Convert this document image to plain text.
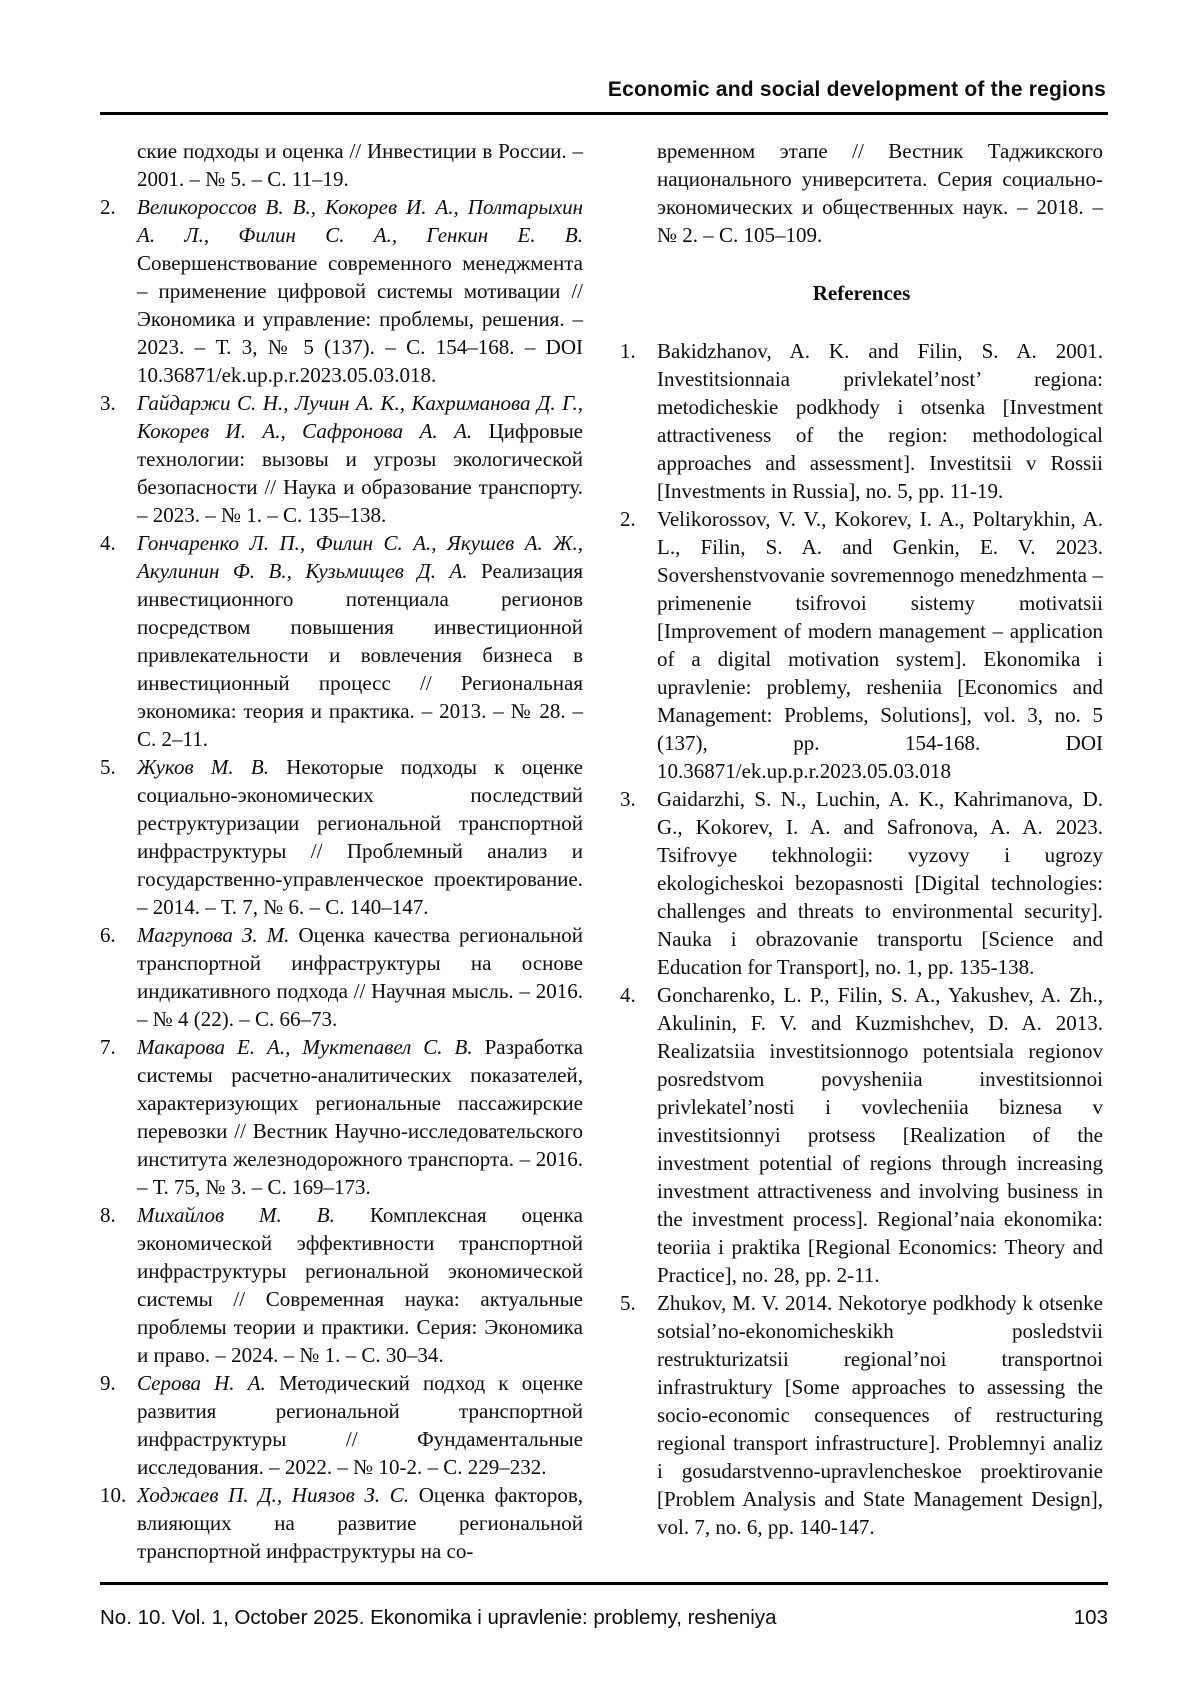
Economic and social development of the regions

ские подходы и оценка // Инвестиции в России. – 2001. – № 5. – С. 11–19.

2.	Великороссов В. В., Кокорев И. А., Полтарыхин А. Л., Филин С. А., Генкин Е. В. Совершенствование современного менеджмента – применение цифровой системы мотивации // Экономика и управление: проблемы, решения. – 2023. – Т. 3, № 5 (137). – С. 154–168. – DOI 10.36871/ek.up.p.r.2023.05.03.018.

3.	Гайдаржи С. Н., Лучин А. К., Кахриманова Д. Г., Кокорев И. А., Сафронова А. А. Цифровые технологии: вызовы и угрозы экологической безопасности // Наука и образование транспорту. – 2023. – № 1. – С. 135–138.

4.	Гончаренко Л. П., Филин С. А., Якушев А. Ж., Акулинин Ф. В., Кузьмищев Д. А. Реализация инвестиционного потенциала регионов посредством повышения инвестиционной привлекательности и вовлечения бизнеса в инвестиционный процесс // Региональная экономика: теория и практика. – 2013. – № 28. – С. 2–11.

5.	Жуков М. В. Некоторые подходы к оценке социально-экономических последствий реструктуризации региональной транспортной инфраструктуры // Проблемный анализ и государственно-управленческое проектирование. – 2014. – Т. 7, № 6. – С. 140–147.

6.	Магрупова З. М. Оценка качества региональной транспортной инфраструктуры на основе индикативного подхода // Научная мысль. – 2016. – № 4 (22). – С. 66–73.

7.	Макарова Е. А., Муктепавел С. В. Разработка системы расчетно-аналитических показателей, характеризующих региональные пассажирские перевозки // Вестник Научно-исследовательского института железнодорожного транспорта. – 2016. – Т. 75, № 3. – С. 169–173.

8.	Михайлов М. В. Комплексная оценка экономической эффективности транспортной инфраструктуры региональной экономической системы // Современная наука: актуальные проблемы теории и практики. Серия: Экономика и право. – 2024. – № 1. – С. 30–34.

9.	Серова Н. А. Методический подход к оценке развития региональной транспортной инфраструктуры // Фундаментальные исследования. – 2022. – № 10-2. – С. 229–232.

10. Ходжаев П. Д., Ниязов З. С. Оценка факторов, влияющих на развитие региональной транспортной инфраструктуры на со-

временном этапе // Вестник Таджикского национального университета. Серия социально-экономических и общественных наук. – 2018. – № 2. – С. 105–109.

References
1.	Bakidzhanov, A. K. and Filin, S. A. 2001. Investitsionnaia privlekatel’nost’ regiona: metodicheskie podkhody i otsenka [Investment attractiveness of the region: methodological approaches and assessment]. Investitsii v Rossii [Investments in Russia], no. 5, pp. 11-19.

2.	Velikorossov, V. V., Kokorev, I. A., Poltarykhin, A. L., Filin, S. A. and Genkin, E. V. 2023. Sovershenstvovanie sovremennogo menedzhmenta – primenenie tsifrovoi sistemy motivatsii [Improvement of modern management – application of a digital motivation system]. Ekonomika i upravlenie: problemy, resheniia [Economics and Management: Problems, Solutions], vol. 3, no. 5 (137), pp. 154-168. DOI 10.36871/ek.up.p.r.2023.05.03.018

3.	Gaidarzhi, S. N., Luchin, A. K., Kahrimanova, D. G., Kokorev, I. A. and Safronova, A. A. 2023. Tsifrovye tekhnologii: vyzovy i ugrozy ekologicheskoi bezopasnosti [Digital technologies: challenges and threats to environmental security]. Nauka i obrazovanie transportu [Science and Education for Transport], no. 1, pp. 135-138.

4.	Goncharenko, L. P., Filin, S. A., Yakushev, A. Zh., Akulinin, F. V. and Kuzmishchev, D. A. 2013. Realizatsiia investitsionnogo potentsiala regionov posredstvom povysheniia investitsionnoi privlekatel’nosti i vovlecheniia biznesa v investitsionnyi protsess [Realization of the investment potential of regions through increasing investment attractiveness and involving business in the investment process]. Regional’naia ekonomika: teoriia i praktika [Regional Economics: Theory and Practice], no. 28, pp. 2-11.

5.	Zhukov, M. V. 2014. Nekotorye podkhody k otsenke sotsial’no-ekonomicheskikh posledstvii restrukturizatsii regional’noi transportnoi infrastruktury [Some approaches to assessing the socio-economic consequences of restructuring regional transport infrastructure]. Problemnyi analiz i gosudarstvenno-upravlencheskoe proektirovanie [Problem Analysis and State Management Design], vol. 7, no. 6, pp. 140-147.

No. 10. Vol. 1, October 2025. Ekonomika i upravlenie: problemy, resheniya	103
